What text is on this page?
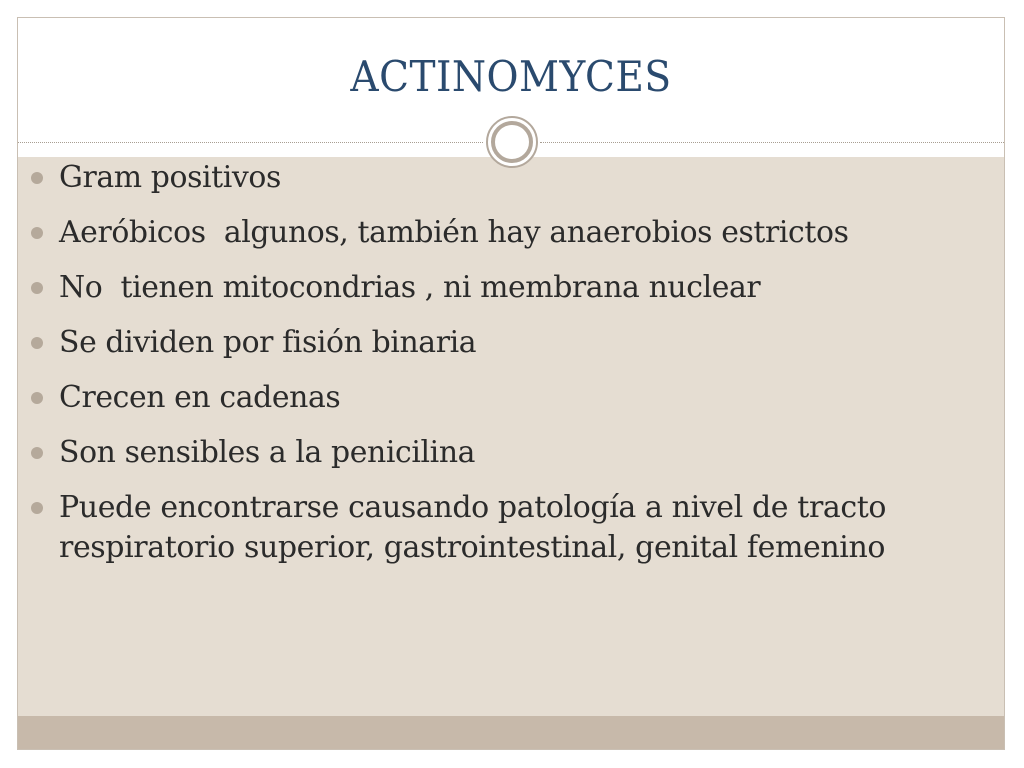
ACTINOMYCES
Gram positivos
Aeróbicos  algunos, también hay anaerobios estrictos
No  tienen mitocondrias , ni membrana nuclear
Se dividen por fisión binaria
Crecen en cadenas
Son sensibles a la penicilina
Puede encontrarse causando patología a nivel de tracto respiratorio superior, gastrointestinal, genital femenino
